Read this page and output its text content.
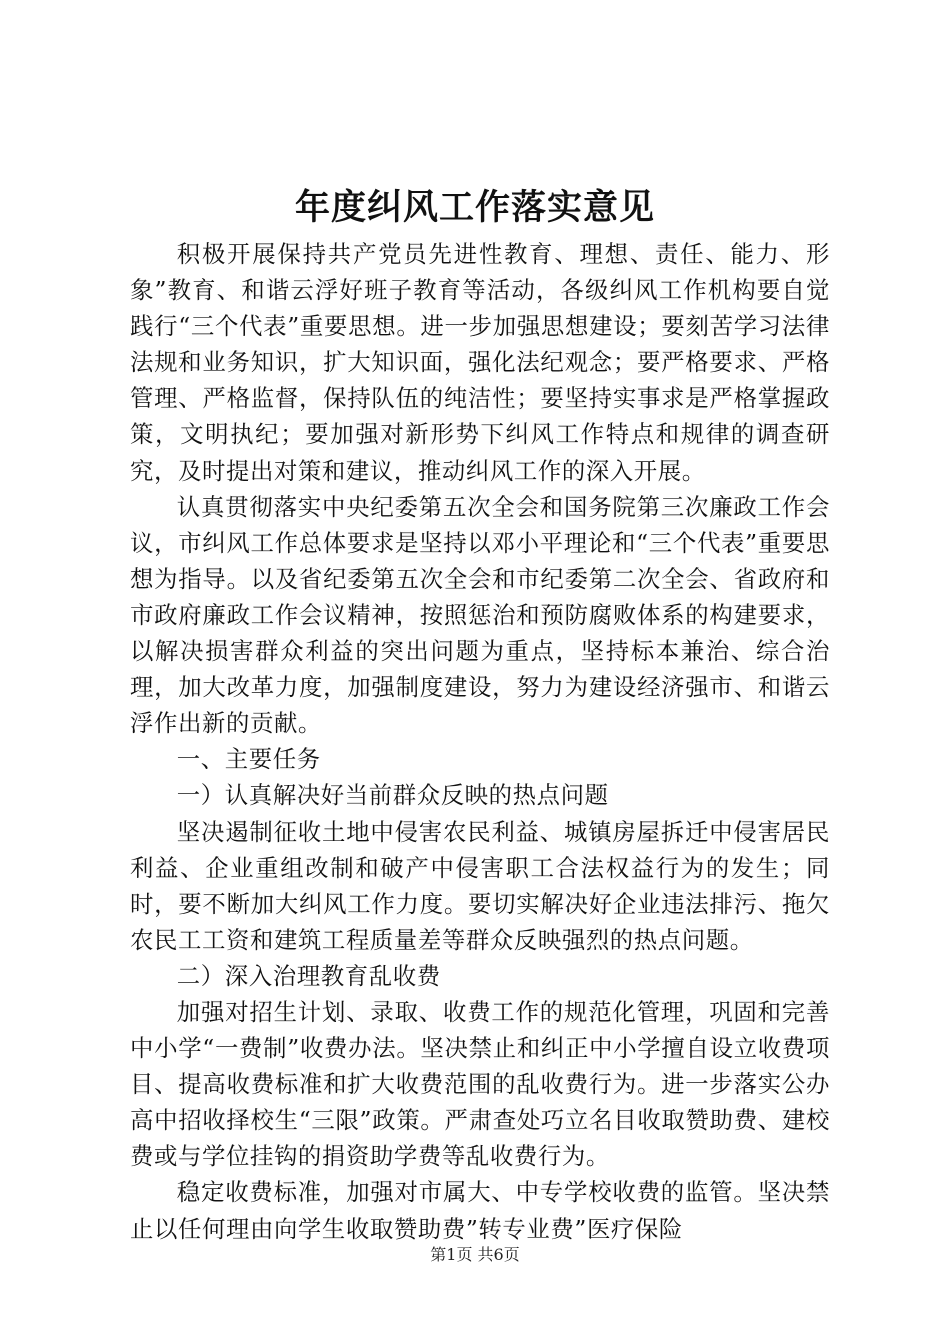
年度纠风工作落实意见

积极开展保持共产党员先进性教育、理想、责任、能力、形象”教育、和谐云浮好班子教育等活动，各级纠风工作机构要自觉践行“三个代表”重要思想。进一步加强思想建设；要刻苦学习法律法规和业务知识，扩大知识面，强化法纪观念；要严格要求、严格管理、严格监督，保持队伍的纯洁性；要坚持实事求是严格掌握政策，文明执纪；要加强对新形势下纠风工作特点和规律的调查研究，及时提出对策和建议，推动纠风工作的深入开展。

认真贯彻落实中央纪委第五次全会和国务院第三次廉政工作会议，市纠风工作总体要求是坚持以邓小平理论和“三个代表”重要思想为指导。以及省纪委第五次全会和市纪委第二次全会、省政府和市政府廉政工作会议精神，按照惩治和预防腐败体系的构建要求，以解决损害群众利益的突出问题为重点，坚持标本兼治、综合治理，加大改革力度，加强制度建设，努力为建设经济强市、和谐云浮作出新的贡献。

一、主要任务

一）认真解决好当前群众反映的热点问题

坚决遏制征收土地中侵害农民利益、城镇房屋拆迁中侵害居民利益、企业重组改制和破产中侵害职工合法权益行为的发生；同时，要不断加大纠风工作力度。要切实解决好企业违法排污、拖欠农民工工资和建筑工程质量差等群众反映强烈的热点问题。

二）深入治理教育乱收费

加强对招生计划、录取、收费工作的规范化管理，巩固和完善中小学“一费制”收费办法。坚决禁止和纠正中小学擅自设立收费项目、提高收费标准和扩大收费范围的乱收费行为。进一步落实公办高中招收择校生“三限”政策。严肃查处巧立名目收取赞助费、建校费或与学位挂钩的捐资助学费等乱收费行为。

稳定收费标准，加强对市属大、中专学校收费的监管。坚决禁止以任何理由向学生收取赞助费”转专业费”医疗保险

第1页 共6页
